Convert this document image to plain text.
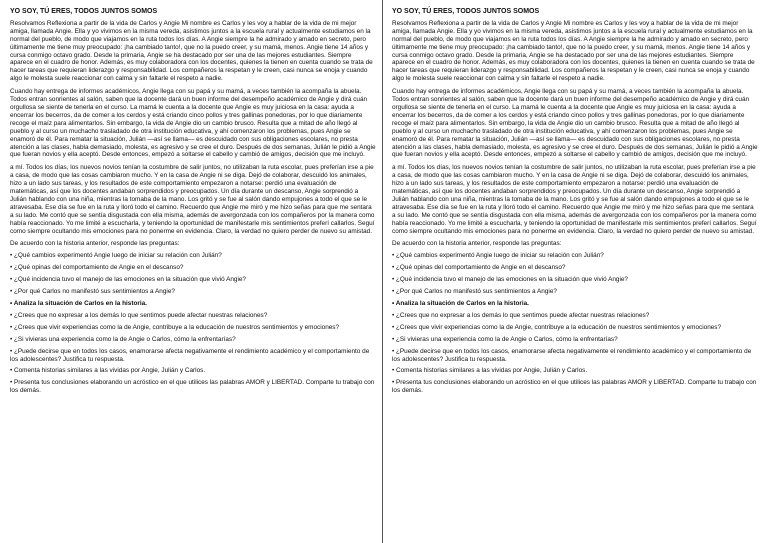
YO SOY, TÚ ERES, TODOS JUNTOS SOMOS

Resolvamos Reflexiona a partir de la vida de Carlos y Angie Mi nombre es Carlos y les voy a hablar de la vida de mi mejor amiga, llamada Angie. Ella y yo vivimos en la misma vereda, asistimos juntos a la escuela rural y actualmente estudiamos en la normal del pueblo, de modo que viajamos en la ruta todos los días. A Angie siempre la he admirado y amado en secreto, pero últimamente me tiene muy preocupado: ¡ha cambiado tanto!, que no la puedo creer, y su mamá, menos. Angie tiene 14 años y cursa conmigo octavo grado. Desde la primaria, Angie se ha destacado por ser una de las mejores estudiantes. Siempre aparece en el cuadro de honor. Además, es muy colaboradora con los docentes, quienes la tienen en cuenta cuando se trata de hacer tareas que requieran liderazgo y responsabilidad. Los compañeros la respetan y le creen, casi nunca se enoja y cuando algo le molesta suele reaccionar con calma y sin faltarle el respeto a nadie.

Cuando hay entrega de informes académicos, Angie llega con su papá y su mamá, a veces también la acompaña la abuela. Todos entran sonrientes al salón, saben que la docente dará un buen informe del desempeño académico de Angie y dirá cuán orgullosa se siente de tenerla en el curso. La mamá le cuenta a la docente que Angie es muy juiciosa en la casa: ayuda a encerrar los becerros, da de comer a los cerdos y está criando cinco pollos y tres gallinas ponedoras, por lo que diariamente recoge el maíz para alimentarlos. Sin embargo, la vida de Angie dio un cambio brusco. Resulta que a mitad de año llegó al pueblo y al curso un muchacho trasladado de otra institución educativa, y ahí comenzaron los problemas, pues Angie se enamoró de él. Para rematar la situación, Julián —así se llama— es descuidado con sus obligaciones escolares, no presta atención a las clases, habla demasiado, molesta, es agresivo y se cree el duro. Después de dos semanas, Julián le pidió a Angie que fueran novios y ella aceptó. Desde entonces, empezó a soltarse el cabello y cambió de amigos, decisión que me incluyó.

a mí. Todos los días, los nuevos novios tenían la costumbre de salir juntos, no utilizaban la ruta escolar, pues preferían irse a pie a casa, de modo que las cosas cambiaron mucho. Y en la casa de Angie ni se diga. Dejó de colaborar, descuidó los animales, hizo a un lado sus tareas, y los resultados de este comportamiento empezaron a notarse: perdió una evaluación de matemáticas, así que los docentes andaban sorprendidos y preocupados. Un día durante un descanso, Angie sorprendió a Julián hablando con una niña, mientras la tomaba de la mano. Los gritó y se fue al salón dando empujones a todo el que se le atravesaba. Ese día se fue en la ruta y lloró todo el camino. Recuerdo que Angie me miró y me hizo señas para que me sentara a su lado. Me contó que se sentía disgustada con ella misma, además de avergonzada con los compañeros por la manera como había reaccionado. Yo me limité a escucharla, y teniendo la oportunidad de manifestarle mis sentimientos preferí callarlos. Seguí como siempre ocultando mis emociones para no ponerme en evidencia. Claro, la verdad no quiero perder de nuevo su amistad.

De acuerdo con la historia anterior, responde las preguntas:

• ¿Qué cambios experimentó Angie luego de iniciar su relación con Julián?

• ¿Qué opinas del comportamiento de Angie en el descanso?

• ¿Qué incidencia tuvo el manejo de las emociones en la situación que vivió Angie?

• ¿Por qué Carlos no manifestó sus sentimientos a Angie?

• Analiza la situación de Carlos en la historia.

• ¿Crees que no expresar a los demás lo que sentimos puede afectar nuestras relaciones?

• ¿Crees que vivir experiencias como la de Angie, contribuye a la educación de nuestros sentimientos y emociones?

• ¿Si vivieras una experiencia como la de Angie o Carlos, cómo la enfrentarías?

• ¿Puede decirse que en todos los casos, enamorarse afecta negativamente el rendimiento académico y el comportamiento de los adolescentes? Justifica tu respuesta.

• Comenta historias similares a las vividas por Angie, Julián y Carlos.

• Presenta tus conclusiones elaborando un acróstico en el que utilices las palabras AMOR y LIBERTAD. Comparte tu trabajo con los demás.

YO SOY, TÚ ERES, TODOS JUNTOS SOMOS

Resolvamos Reflexiona a partir de la vida de Carlos y Angie Mi nombre es Carlos y les voy a hablar de la vida de mi mejor amiga, llamada Angie. Ella y yo vivimos en la misma vereda, asistimos juntos a la escuela rural y actualmente estudiamos en la normal del pueblo, de modo que viajamos en la ruta todos los días. A Angie siempre la he admirado y amado en secreto, pero últimamente me tiene muy preocupado: ¡ha cambiado tanto!, que no la puedo creer, y su mamá, menos. Angie tiene 14 años y cursa conmigo octavo grado. Desde la primaria, Angie se ha destacado por ser una de las mejores estudiantes. Siempre aparece en el cuadro de honor. Además, es muy colaboradora con los docentes, quienes la tienen en cuenta cuando se trata de hacer tareas que requieran liderazgo y responsabilidad. Los compañeros la respetan y le creen, casi nunca se enoja y cuando algo le molesta suele reaccionar con calma y sin faltarle el respeto a nadie.

Cuando hay entrega de informes académicos, Angie llega con su papá y su mamá, a veces también la acompaña la abuela. Todos entran sonrientes al salón, saben que la docente dará un buen informe del desempeño académico de Angie y dirá cuán orgullosa se siente de tenerla en el curso. La mamá le cuenta a la docente que Angie es muy juiciosa en la casa: ayuda a encerrar los becerros, da de comer a los cerdos y está criando cinco pollos y tres gallinas ponedoras, por lo que diariamente recoge el maíz para alimentarlos. Sin embargo, la vida de Angie dio un cambio brusco. Resulta que a mitad de año llegó al pueblo y al curso un muchacho trasladado de otra institución educativa, y ahí comenzaron los problemas, pues Angie se enamoró de él. Para rematar la situación, Julián —así se llama— es descuidado con sus obligaciones escolares, no presta atención a las clases, habla demasiado, molesta, es agresivo y se cree el duro. Después de dos semanas, Julián le pidió a Angie que fueran novios y ella aceptó. Desde entonces, empezó a soltarse el cabello y cambió de amigos, decisión que me incluyó.

a mí. Todos los días, los nuevos novios tenían la costumbre de salir juntos, no utilizaban la ruta escolar, pues preferían irse a pie a casa, de modo que las cosas cambiaron mucho. Y en la casa de Angie ni se diga. Dejó de colaborar, descuidó los animales, hizo a un lado sus tareas, y los resultados de este comportamiento empezaron a notarse: perdió una evaluación de matemáticas, así que los docentes andaban sorprendidos y preocupados. Un día durante un descanso, Angie sorprendió a Julián hablando con una niña, mientras la tomaba de la mano. Los gritó y se fue al salón dando empujones a todo el que se le atravesaba. Ese día se fue en la ruta y lloró todo el camino. Recuerdo que Angie me miró y me hizo señas para que me sentara a su lado. Me contó que se sentía disgustada con ella misma, además de avergonzada con los compañeros por la manera como había reaccionado. Yo me limité a escucharla, y teniendo la oportunidad de manifestarle mis sentimientos preferí callarlos. Seguí como siempre ocultando mis emociones para no ponerme en evidencia. Claro, la verdad no quiero perder de nuevo su amistad.

De acuerdo con la historia anterior, responde las preguntas:

• ¿Qué cambios experimentó Angie luego de iniciar su relación con Julián?

• ¿Qué opinas del comportamiento de Angie en el descanso?

• ¿Qué incidencia tuvo el manejo de las emociones en la situación que vivió Angie?

• ¿Por qué Carlos no manifestó sus sentimientos a Angie?

• Analiza la situación de Carlos en la historia.

• ¿Crees que no expresar a los demás lo que sentimos puede afectar nuestras relaciones?

• ¿Crees que vivir experiencias como la de Angie, contribuye a la educación de nuestros sentimientos y emociones?

• ¿Si vivieras una experiencia como la de Angie o Carlos, cómo la enfrentarías?

• ¿Puede decirse que en todos los casos, enamorarse afecta negativamente el rendimiento académico y el comportamiento de los adolescentes? Justifica tu respuesta.

• Comenta historias similares a las vividas por Angie, Julián y Carlos.

• Presenta tus conclusiones elaborando un acróstico en el que utilices las palabras AMOR y LIBERTAD. Comparte tu trabajo con los demás.
